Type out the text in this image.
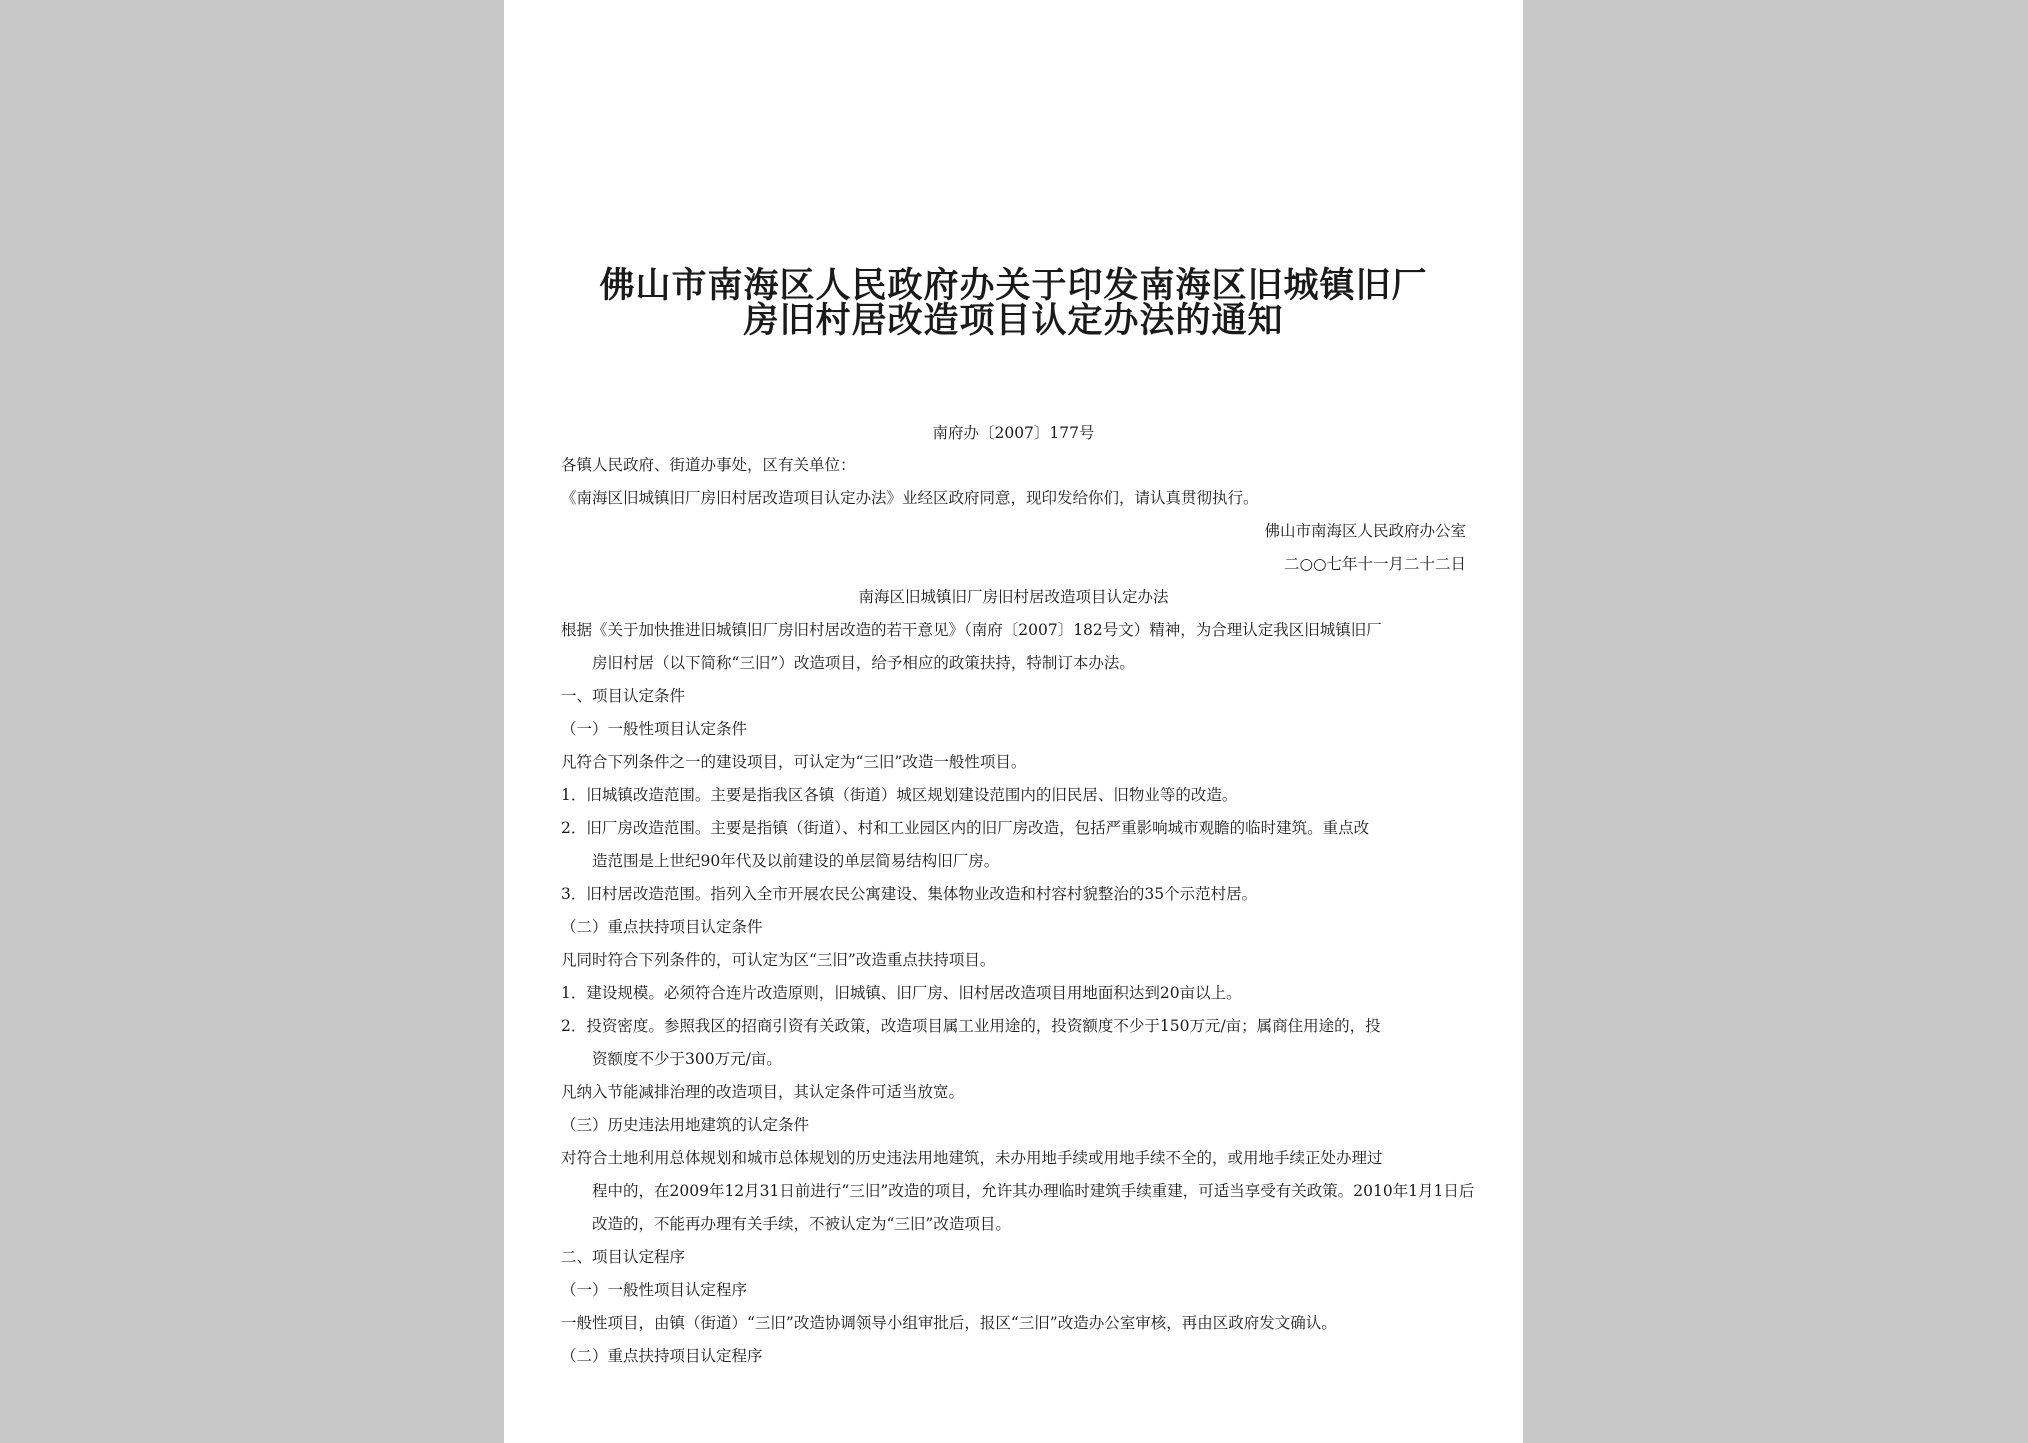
佛山市南海区人民政府办关于印发南海区旧城镇旧厂
房旧村居改造项目认定办法的通知

南府办〔2007〕177号

各镇人民政府、街道办事处，区有关单位：

《南海区旧城镇旧厂房旧村居改造项目认定办法》业经区政府同意，现印发给你们，请认真贯彻执行。

佛山市南海区人民政府办公室

二○○七年十一月二十二日

南海区旧城镇旧厂房旧村居改造项目认定办法

根据《关于加快推进旧城镇旧厂房旧村居改造的若干意见》（南府〔2007〕182号文）精神，为合理认定我区旧城镇旧厂

房旧村居（以下简称“三旧”）改造项目，给予相应的政策扶持，特制订本办法。

一、项目认定条件

（一）一般性项目认定条件

凡符合下列条件之一的建设项目，可认定为“三旧”改造一般性项目。

1．旧城镇改造范围。主要是指我区各镇（街道）城区规划建设范围内的旧民居、旧物业等的改造。

2．旧厂房改造范围。主要是指镇（街道）、村和工业园区内的旧厂房改造，包括严重影响城市观瞻的临时建筑。重点改

造范围是上世纪90年代及以前建设的单层简易结构旧厂房。

3．旧村居改造范围。指列入全市开展农民公寓建设、集体物业改造和村容村貌整治的35个示范村居。

（二）重点扶持项目认定条件

凡同时符合下列条件的，可认定为区“三旧”改造重点扶持项目。

1．建设规模。必须符合连片改造原则，旧城镇、旧厂房、旧村居改造项目用地面积达到20亩以上。

2．投资密度。参照我区的招商引资有关政策，改造项目属工业用途的，投资额度不少于150万元/亩；属商住用途的，投

资额度不少于300万元/亩。

凡纳入节能减排治理的改造项目，其认定条件可适当放宽。

（三）历史违法用地建筑的认定条件

对符合土地利用总体规划和城市总体规划的历史违法用地建筑，未办用地手续或用地手续不全的，或用地手续正处办理过

程中的，在2009年12月31日前进行“三旧”改造的项目，允许其办理临时建筑手续重建，可适当享受有关政策。2010年1月1日后

改造的，不能再办理有关手续，不被认定为“三旧”改造项目。

二、项目认定程序

（一）一般性项目认定程序

一般性项目，由镇（街道）“三旧”改造协调领导小组审批后，报区“三旧”改造办公室审核，再由区政府发文确认。

（二）重点扶持项目认定程序
